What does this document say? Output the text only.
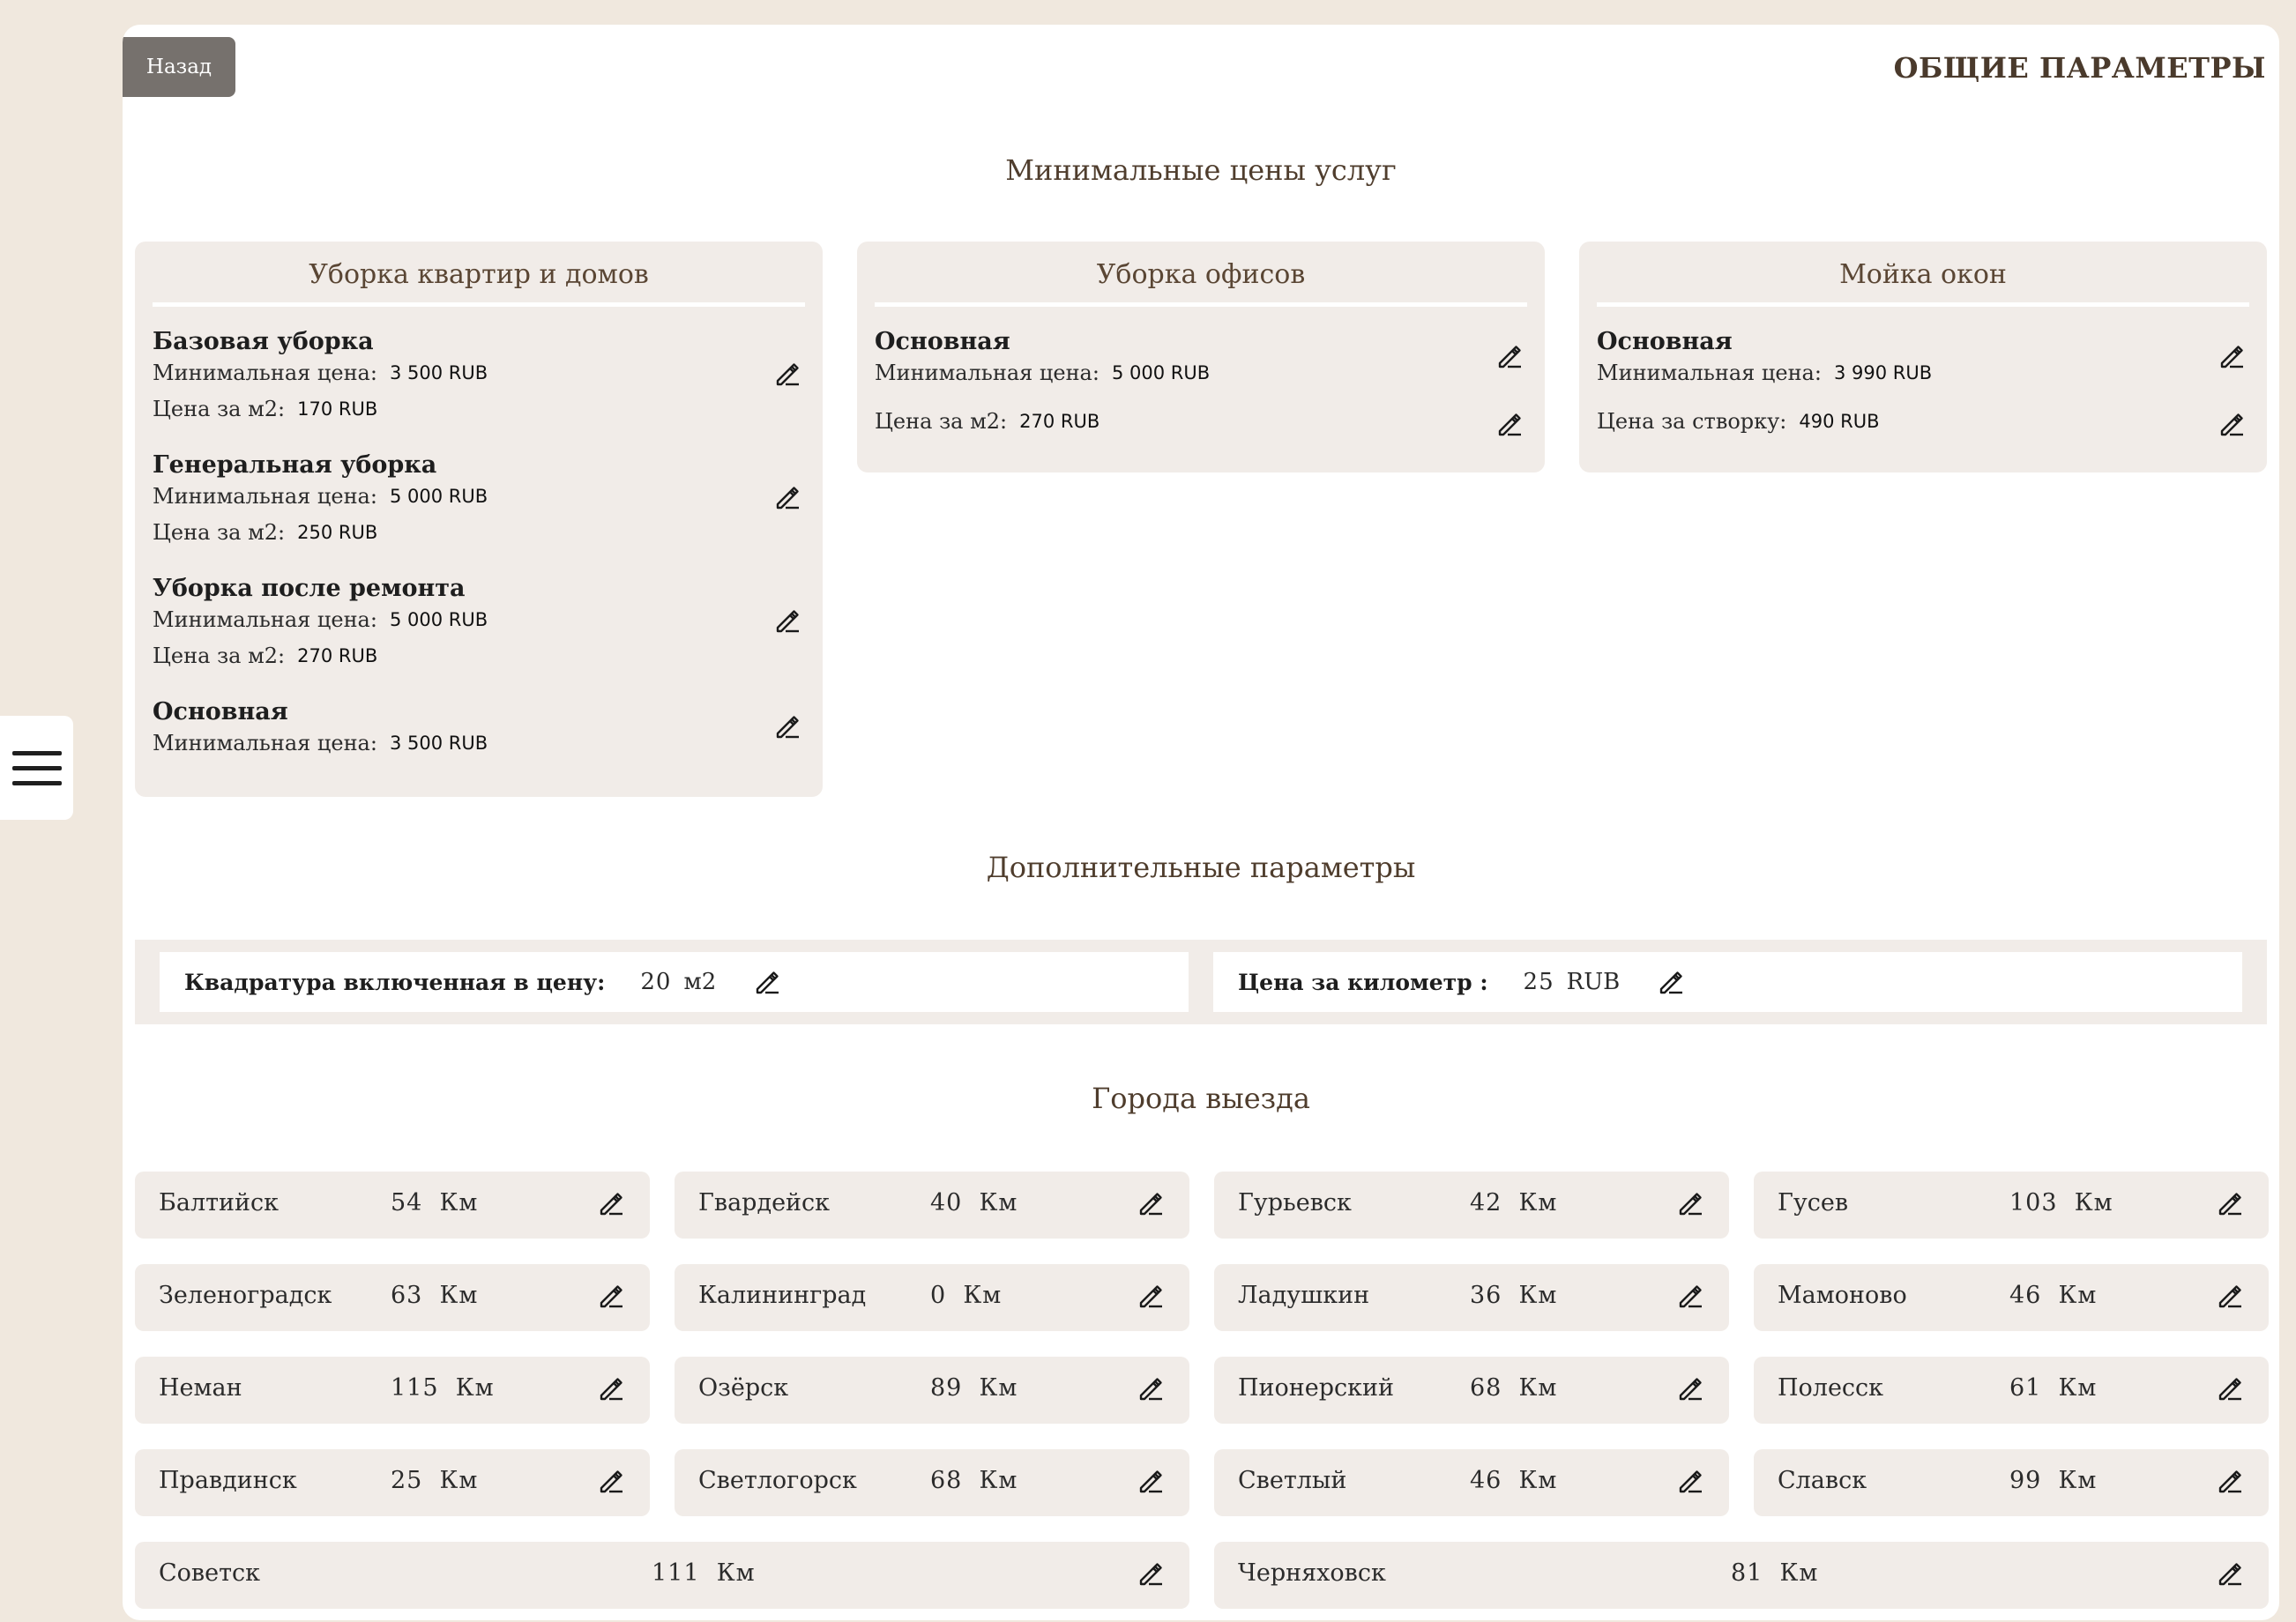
Назад	ОБЩИЕ ПАРАМЕТРЫ
Минимальные цены услуг
Уборка квартир и домов
Базовая уборка
Минимальная цена: 3 500 RUB
Цена за м2: 170 RUB
Генеральная уборка
Минимальная цена: 5 000 RUB
Цена за м2: 250 RUB
Уборка после ремонта
Минимальная цена: 5 000 RUB
Цена за м2: 270 RUB
Основная
Минимальная цена: 3 500 RUB
Уборка офисов
Основная
Минимальная цена: 5 000 RUB
Цена за м2: 270 RUB
Мойка окон
Основная
Минимальная цена: 3 990 RUB
Цена за створку: 490 RUB
Дополнительные параметры
Квадратура включенная в цену: 20 м2	Цена за километр : 25 RUB
Города выезда
Балтийск	54 Км	Гвардейск	40 Км	Гурьевск	42 Км	Гусев	103 Км
Зеленоградск 63 Км	Калининград	0 Км	Ладушкин	36 Км	Мамоново	46 Км
Неман	115 Км	Озёрск	89 Км	Пионерский	68 Км	Полесск	61 Км
Правдинск	25 Км	Светлогорск	68 Км	Светлый	46 Км	Славск	99 Км
Советск	111 Км	Черняховск	81 Км
